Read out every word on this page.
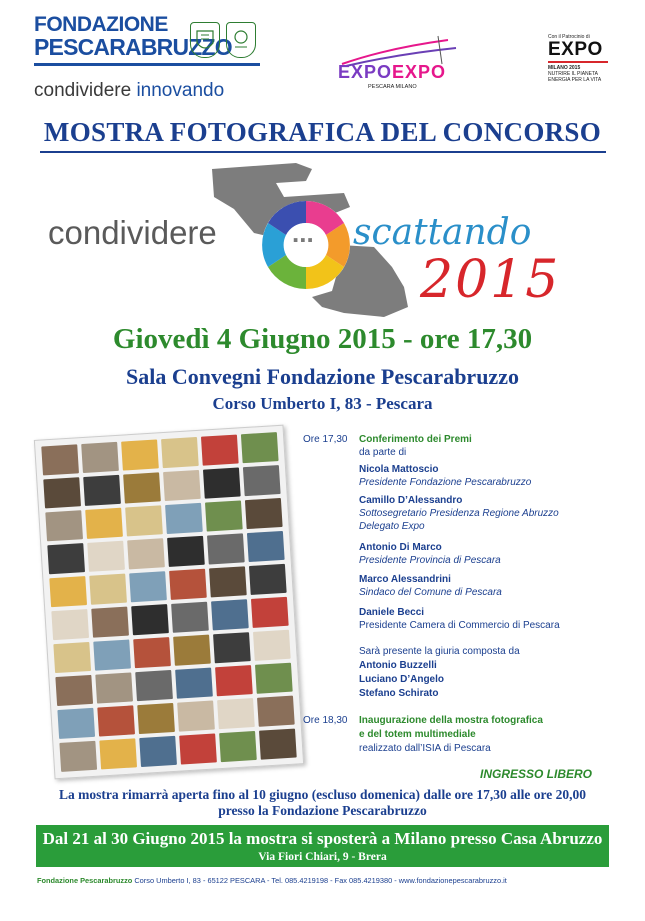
FONDAZIONE
PESCARABRUZZO
condividere innovando
EXPOEXPO
PESCARA MILANO
Con il Patrocinio di
EXPO
MILANO 2015
NUTRIRE IL PIANETA
ENERGIA PER LA VITA
MOSTRA FOTOGRAFICA DEL CONCORSO
condividere	... scattando
2015
Giovedì 4 Giugno 2015 - ore 17,30
Sala Convegni Fondazione Pescarabruzzo
Corso Umberto I, 83 - Pescara
Ore 17,30 Conferimento dei Premi
da parte di
Nicola Mattoscio
Presidente Fondazione Pescarabruzzo
Camillo D’Alessandro
Sottosegretario Presidenza Regione Abruzzo
Delegato Expo
Antonio Di Marco
Presidente Provincia di Pescara
Marco Alessandrini
Sindaco del Comune di Pescara
Daniele Becci
Presidente Camera di Commercio di Pescara
Sarà presente la giuria composta da
Antonio Buzzelli
Luciano D’Angelo
Stefano Schirato
Ore 18,30 Inaugurazione della mostra fotografica
e del totem multimediale
realizzato dall’ISIA di Pescara
INGRESSO LIBERO
La mostra rimarrà aperta fino al 10 giugno (escluso domenica) dalle ore 17,30 alle ore 20,00
presso la Fondazione Pescarabruzzo
Dal 21 al 30 Giugno 2015 la mostra si sposterà a Milano presso Casa Abruzzo
Via Fiori Chiari, 9 - Brera
Fondazione Pescarabruzzo Corso Umberto I, 83 - 65122 PESCARA - Tel. 085.4219198 - Fax 085.4219380 - www.fondazionepescarabruzzo.it
